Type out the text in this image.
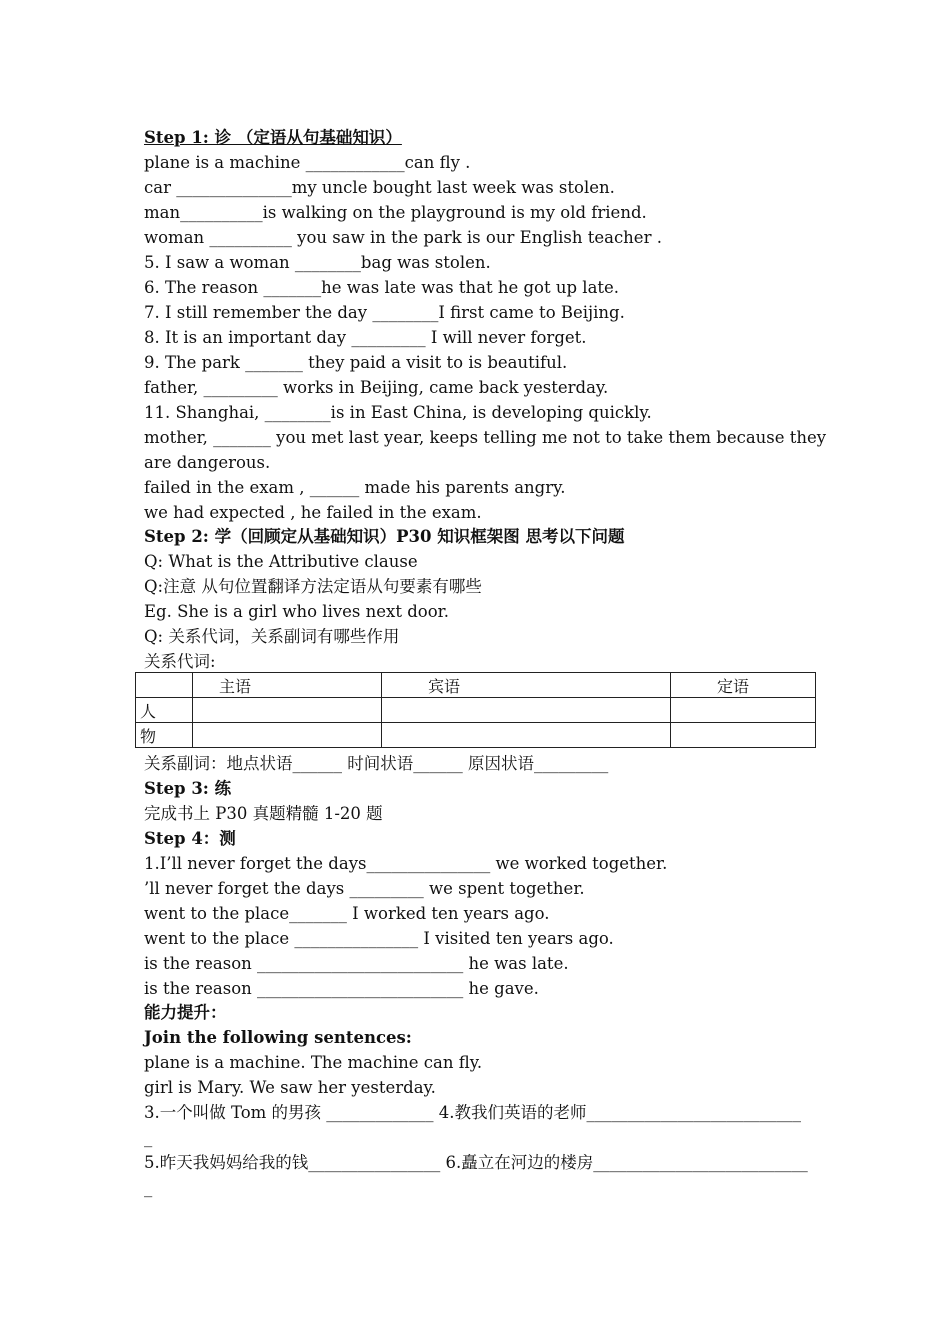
Step 1: 诊 （定语从句基础知识）
plane is a machine ____________can fly .
car ______________my uncle bought last week was stolen.
man__________is walking on the playground is my old friend.
woman __________ you saw in the park is our English teacher .
5. I saw a woman ________bag was stolen.
6. The reason _______he was late was that he got up late.
7. I still remember the day ________I first came to Beijing.
8. It is an important day _________ I will never forget.
9. The park _______ they paid a visit to is beautiful.
father, _________ works in Beijing, came back yesterday.
11. Shanghai, ________is in East China, is developing quickly.
mother, _______ you met last year, keeps telling me not to take them because they
are dangerous.
failed in the exam , ______ made his parents angry.
we had expected , he failed in the exam.
Step 2: 学（回顾定从基础知识）P30 知识框架图 思考以下问题
Q: What is the Attributive clause
Q:注意 从句位置翻译方法定语从句要素有哪些
Eg. She is a girl who lives next door.
Q: 关系代词，关系副词有哪些作用
关系代词:
	主语	宾语	定语
人			
物			
关系副词：地点状语______ 时间状语______ 原因状语_________
Step 3: 练
完成书上 P30 真题精髓 1-20 题
Step 4：测
1.I’ll never forget the days_______________ we worked together.
’ll never forget the days _________ we spent together.
went to the place_______ I worked ten years ago.
went to the place _______________ I visited ten years ago.
is the reason _________________________ he was late.
is the reason _________________________ he gave.
能力提升：
Join the following sentences:
plane is a machine. The machine can fly.
girl is Mary. We saw her yesterday.
3.一个叫做 Tom 的男孩 _____________ 4.教我们英语的老师__________________________
_
5.昨天我妈妈给我的钱________________ 6.矗立在河边的楼房__________________________
_
